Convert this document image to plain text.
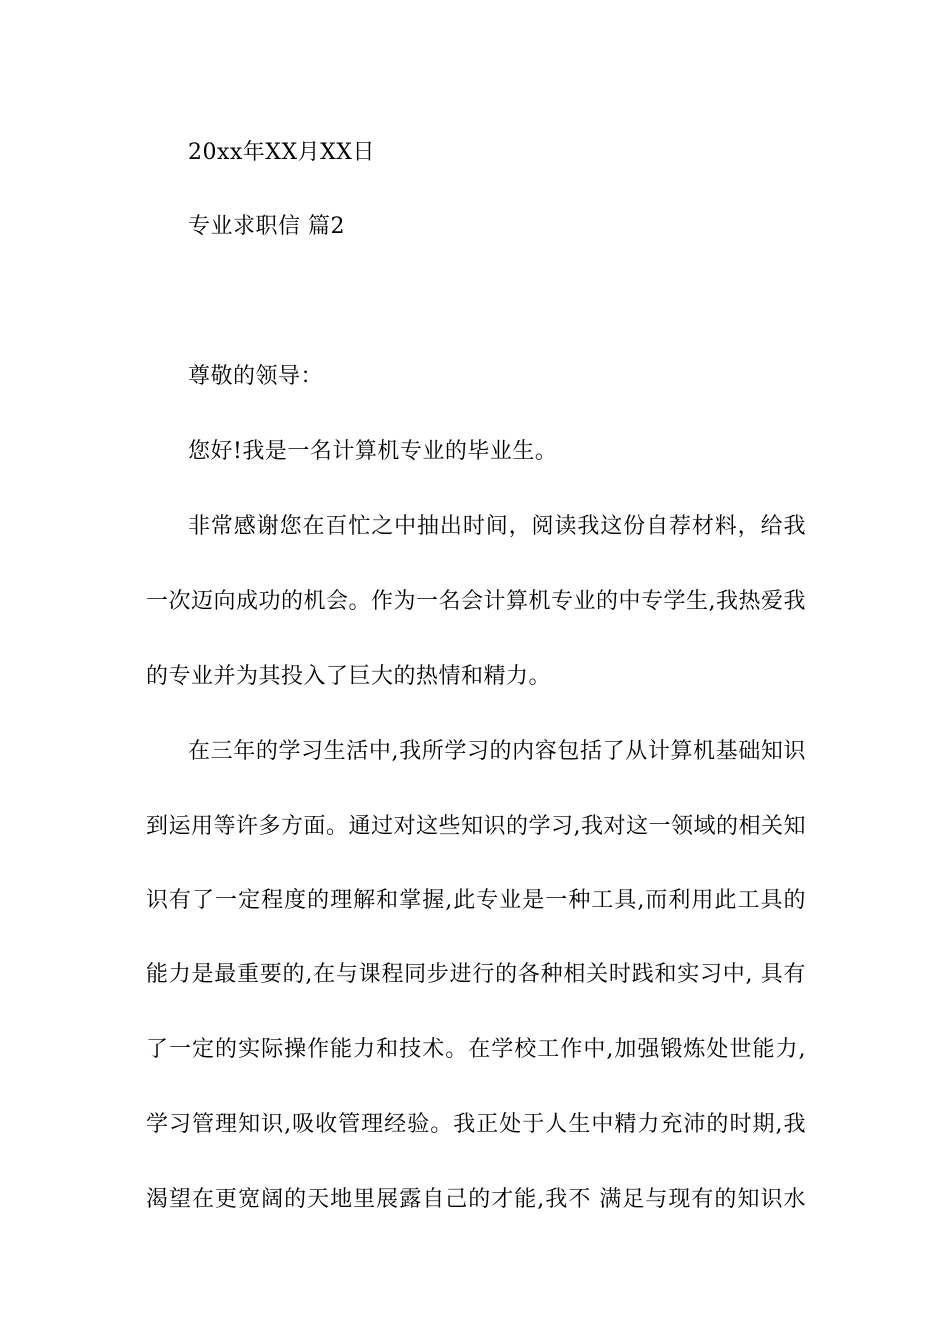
20xx年XX月XX日
专业求职信 篇2
尊敬的领导：
您好!我是一名计算机专业的毕业生。
非常感谢您在百忙之中抽出时间，阅读我这份自荐材料，给我
一次迈向成功的机会。作为一名会计算机专业的中专学生,我热爱我
的专业并为其投入了巨大的热情和精力。
在三年的学习生活中,我所学习的内容包括了从计算机基础知识
到运用等许多方面。通过对这些知识的学习,我对这一领域的相关知
识有了一定程度的理解和掌握,此专业是一种工具,而利用此工具的
能力是最重要的,在与课程同步进行的各种相关时践和实习中, 具有
了一定的实际操作能力和技术。在学校工作中,加强锻炼处世能力,
学习管理知识,吸收管理经验。我正处于人生中精力充沛的时期,我
渴望在更宽阔的天地里展露自己的才能,我不 满足与现有的知识水
